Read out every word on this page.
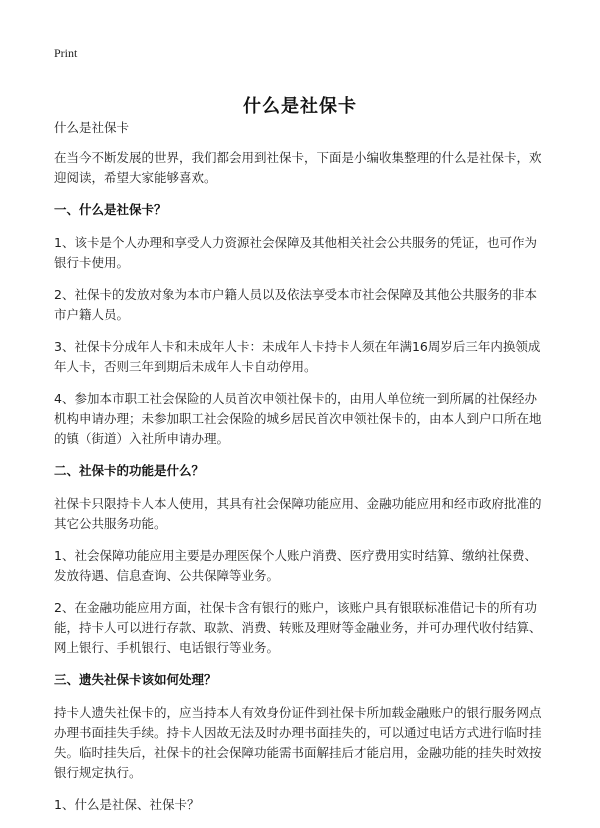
Print
什么是社保卡

什么是社保卡

在当今不断发展的世界，我们都会用到社保卡，下面是小编收集整理的什么是社保卡，欢迎阅读，希望大家能够喜欢。

一、什么是社保卡？

1、该卡是个人办理和享受人力资源社会保障及其他相关社会公共服务的凭证，也可作为银行卡使用。

2、社保卡的发放对象为本市户籍人员以及依法享受本市社会保障及其他公共服务的非本市户籍人员。

3、社保卡分成年人卡和未成年人卡：未成年人卡持卡人须在年满16周岁后三年内换领成年人卡，否则三年到期后未成年人卡自动停用。

4、参加本市职工社会保险的人员首次申领社保卡的，由用人单位统一到所属的社保经办机构申请办理；未参加职工社会保险的城乡居民首次申领社保卡的，由本人到户口所在地的镇（街道）入社所申请办理。

二、社保卡的功能是什么？

社保卡只限持卡人本人使用，其具有社会保障功能应用、金融功能应用和经市政府批准的其它公共服务功能。

1、社会保障功能应用主要是办理医保个人账户消费、医疗费用实时结算、缴纳社保费、发放待遇、信息查询、公共保障等业务。

2、在金融功能应用方面，社保卡含有银行的账户，该账户具有银联标准借记卡的所有功能，持卡人可以进行存款、取款、消费、转账及理财等金融业务，并可办理代收付结算、网上银行、手机银行、电话银行等业务。

三、遗失社保卡该如何处理？

持卡人遗失社保卡的，应当持本人有效身份证件到社保卡所加载金融账户的银行服务网点办理书面挂失手续。持卡人因故无法及时办理书面挂失的，可以通过电话方式进行临时挂失。临时挂失后，社保卡的社会保障功能需书面解挂后才能启用，金融功能的挂失时效按银行规定执行。

1、什么是社保、社保卡？
